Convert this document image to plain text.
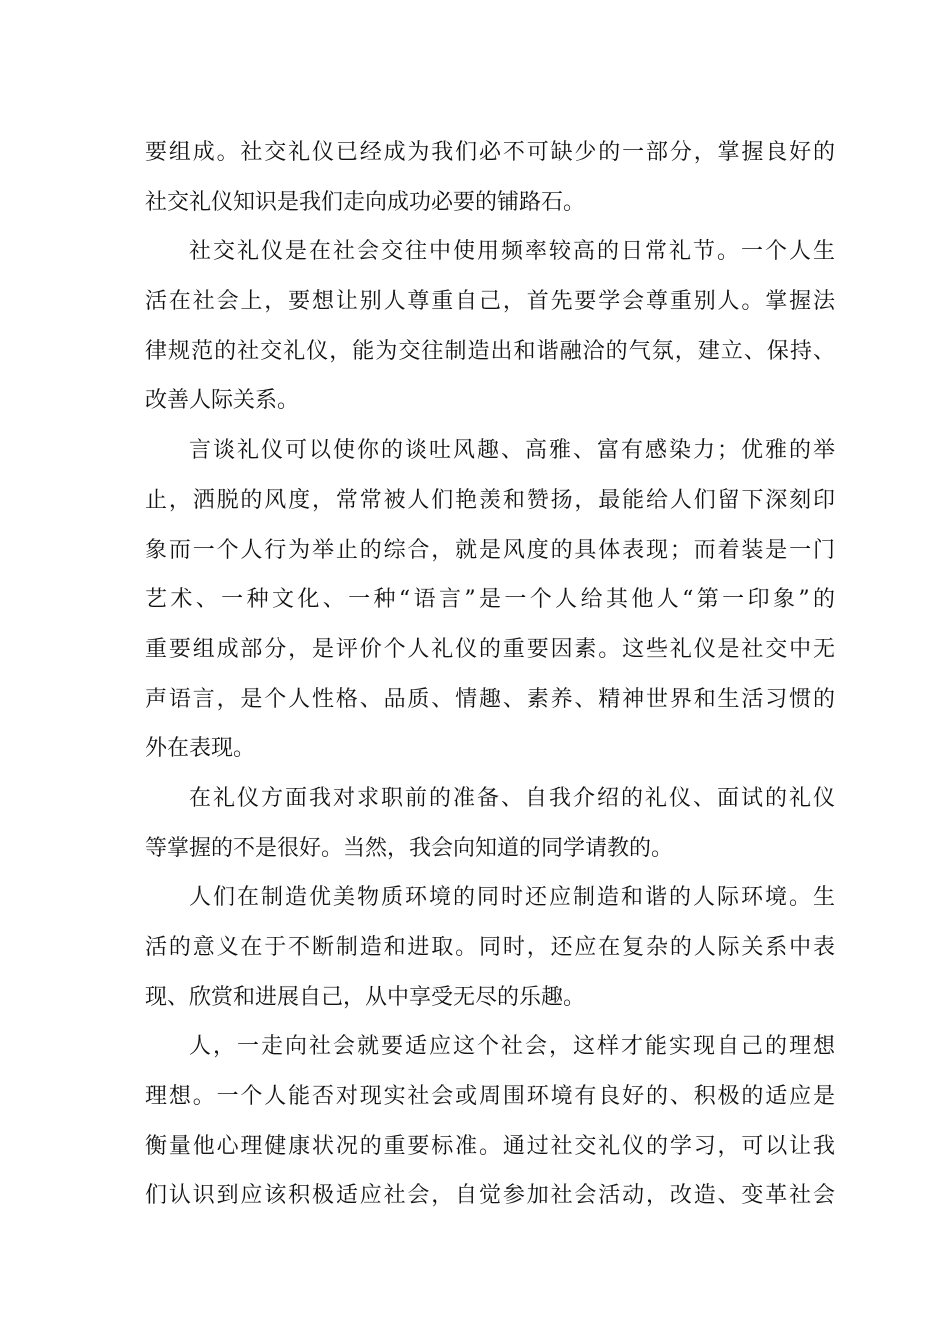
要组成。社交礼仪已经成为我们必不可缺少的一部分，掌握良好的
社交礼仪知识是我们走向成功必要的铺路石。
社交礼仪是在社会交往中使用频率较高的日常礼节。一个人生
活在社会上，要想让别人尊重自己，首先要学会尊重别人。掌握法
律规范的社交礼仪，能为交往制造出和谐融洽的气氛，建立、保持、
改善人际关系。
言谈礼仪可以使你的谈吐风趣、高雅、富有感染力；优雅的举
止，洒脱的风度，常常被人们艳羡和赞扬，最能给人们留下深刻印
象而一个人行为举止的综合，就是风度的具体表现；而着装是一门
艺术、一种文化、一种“语言”是一个人给其他人“第一印象”的
重要组成部分，是评价个人礼仪的重要因素。这些礼仪是社交中无
声语言，是个人性格、品质、情趣、素养、精神世界和生活习惯的
外在表现。
在礼仪方面我对求职前的准备、自我介绍的礼仪、面试的礼仪
等掌握的不是很好。当然，我会向知道的同学请教的。
人们在制造优美物质环境的同时还应制造和谐的人际环境。生
活的意义在于不断制造和进取。同时，还应在复杂的人际关系中表
现、欣赏和进展自己，从中享受无尽的乐趣。
人，一走向社会就要适应这个社会，这样才能实现自己的理想
理想。一个人能否对现实社会或周围环境有良好的、积极的适应是
衡量他心理健康状况的重要标准。通过社交礼仪的学习，可以让我
们认识到应该积极适应社会，自觉参加社会活动，改造、变革社会
